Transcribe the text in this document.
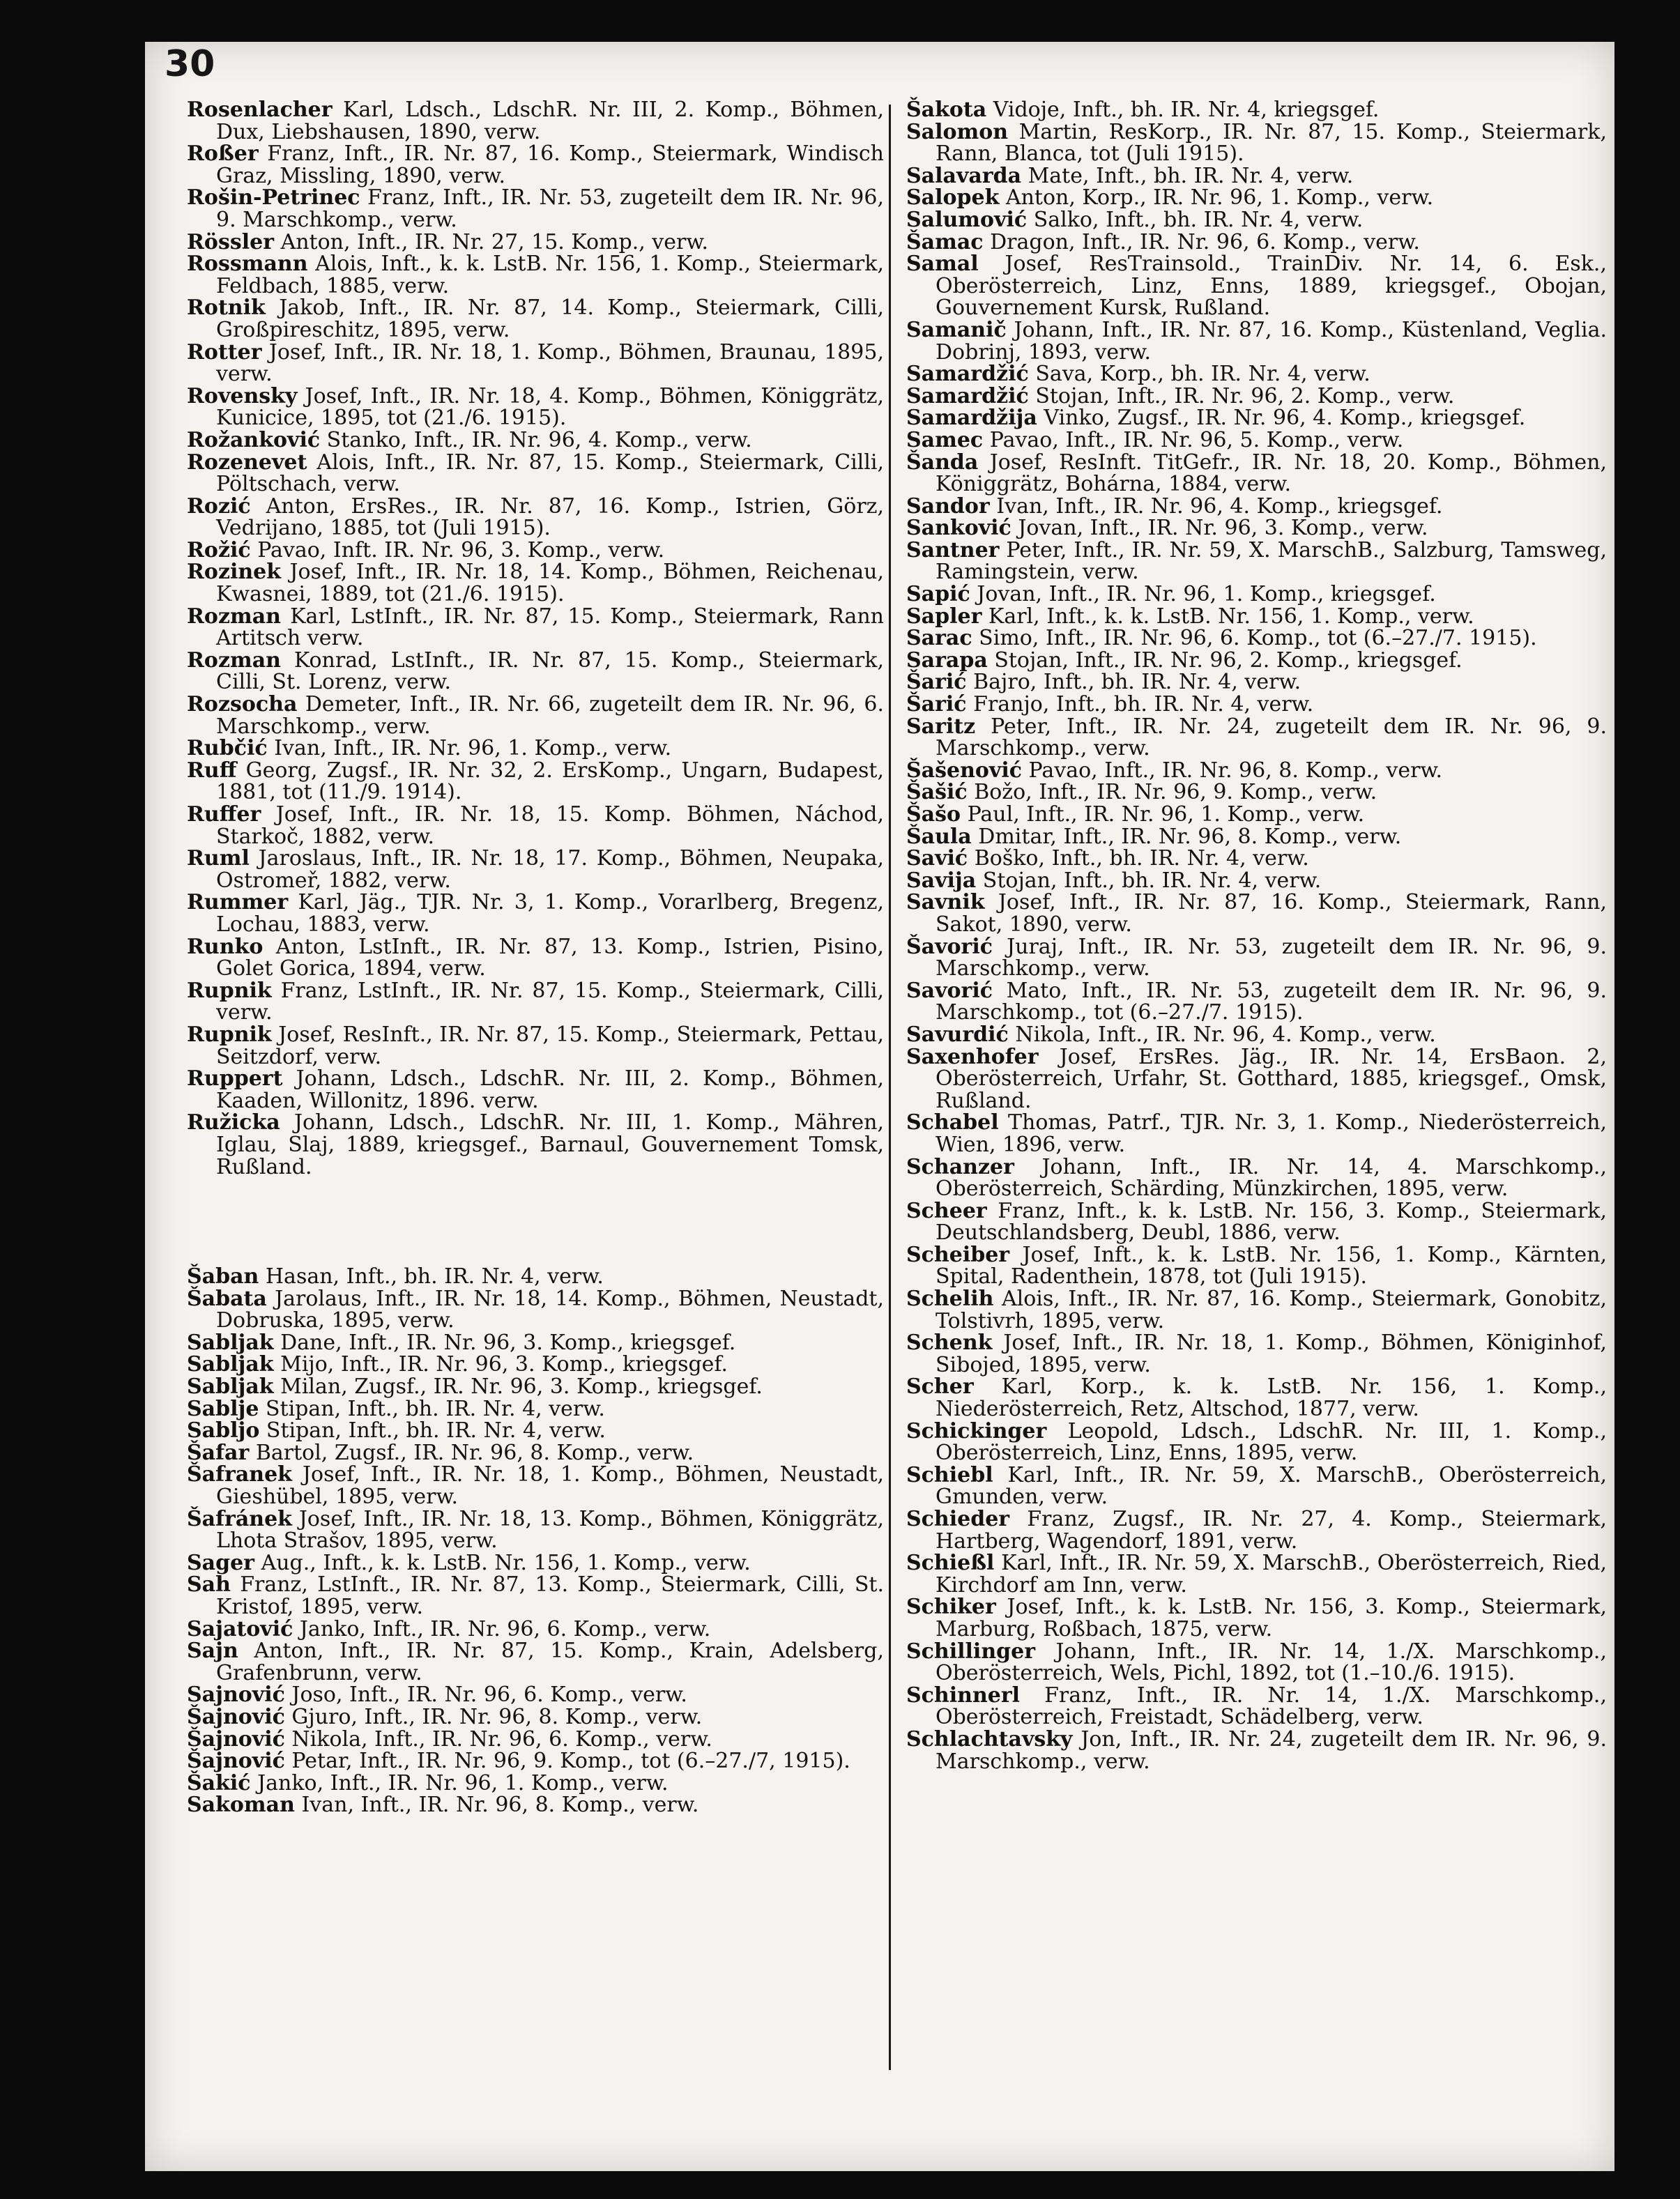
30

Rosenlacher Karl, Ldsch., LdschR. Nr. III, 2. Komp., Böhmen, Dux, Liebshausen, 1890, verw.

Roßer Franz, Inft., IR. Nr. 87, 16. Komp., Steiermark, Windisch Graz, Missling, 1890, verw.

Rošin-Petrinec Franz, Inft., IR. Nr. 53, zugeteilt dem IR. Nr. 96, 9. Marschkomp., verw.

Rössler Anton, Inft., IR. Nr. 27, 15. Komp., verw.

Rossmann Alois, Inft., k. k. LstB. Nr. 156, 1. Komp., Steiermark, Feldbach, 1885, verw.

Rotnik Jakob, Inft., IR. Nr. 87, 14. Komp., Steiermark, Cilli, Großpireschitz, 1895, verw.

Rotter Josef, Inft., IR. Nr. 18, 1. Komp., Böhmen, Braunau, 1895, verw.

Rovensky Josef, Inft., IR. Nr. 18, 4. Komp., Böhmen, Königgrätz, Kunicice, 1895, tot (21./6. 1915).

Rožanković Stanko, Inft., IR. Nr. 96, 4. Komp., verw.

Rozenevet Alois, Inft., IR. Nr. 87, 15. Komp., Steiermark, Cilli, Pöltschach, verw.

Rozić Anton, ErsRes., IR. Nr. 87, 16. Komp., Istrien, Görz, Vedrijano, 1885, tot (Juli 1915).

Rožić Pavao, Inft. IR. Nr. 96, 3. Komp., verw.

Rozinek Josef, Inft., IR. Nr. 18, 14. Komp., Böhmen, Reichenau, Kwasnei, 1889, tot (21./6. 1915).

Rozman Karl, LstInft., IR. Nr. 87, 15. Komp., Steiermark, Rann Artitsch verw.

Rozman Konrad, LstInft., IR. Nr. 87, 15. Komp., Steiermark, Cilli, St. Lorenz, verw.

Rozsocha Demeter, Inft., IR. Nr. 66, zugeteilt dem IR. Nr. 96, 6. Marschkomp., verw.

Rubčić Ivan, Inft., IR. Nr. 96, 1. Komp., verw.

Ruff Georg, Zugsf., IR. Nr. 32, 2. ErsKomp., Ungarn, Budapest, 1881, tot (11./9. 1914).

Ruffer Josef, Inft., IR. Nr. 18, 15. Komp. Böhmen, Náchod, Starkoč, 1882, verw.

Ruml Jaroslaus, Inft., IR. Nr. 18, 17. Komp., Böhmen, Neupaka, Ostromeř, 1882, verw.

Rummer Karl, Jäg., TJR. Nr. 3, 1. Komp., Vorarlberg, Bregenz, Lochau, 1883, verw.

Runko Anton, LstInft., IR. Nr. 87, 13. Komp., Istrien, Pisino, Golet Gorica, 1894, verw.

Rupnik Franz, LstInft., IR. Nr. 87, 15. Komp., Steiermark, Cilli, verw.

Rupnik Josef, ResInft., IR. Nr. 87, 15. Komp., Steiermark, Pettau, Seitzdorf, verw.

Ruppert Johann, Ldsch., LdschR. Nr. III, 2. Komp., Böhmen, Kaaden, Willonitz, 1896. verw.

Ružicka Johann, Ldsch., LdschR. Nr. III, 1. Komp., Mähren, Iglau, Slaj, 1889, kriegsgef., Barnaul, Gouvernement Tomsk, Rußland.

Šaban Hasan, Inft., bh. IR. Nr. 4, verw.

Šabata Jarolaus, Inft., IR. Nr. 18, 14. Komp., Böhmen, Neustadt, Dobruska, 1895, verw.

Sabljak Dane, Inft., IR. Nr. 96, 3. Komp., kriegsgef.

Sabljak Mijo, Inft., IR. Nr. 96, 3. Komp., kriegsgef.

Sabljak Milan, Zugsf., IR. Nr. 96, 3. Komp., kriegsgef.

Sablje Stipan, Inft., bh. IR. Nr. 4, verw.

Sabljo Stipan, Inft., bh. IR. Nr. 4, verw.

Šafar Bartol, Zugsf., IR. Nr. 96, 8. Komp., verw.

Šafranek Josef, Inft., IR. Nr. 18, 1. Komp., Böhmen, Neustadt, Gieshübel, 1895, verw.

Šafránek Josef, Inft., IR. Nr. 18, 13. Komp., Böhmen, Königgrätz, Lhota Strašov, 1895, verw.

Sager Aug., Inft., k. k. LstB. Nr. 156, 1. Komp., verw.

Sah Franz, LstInft., IR. Nr. 87, 13. Komp., Steiermark, Cilli, St. Kristof, 1895, verw.

Sajatović Janko, Inft., IR. Nr. 96, 6. Komp., verw.

Sajn Anton, Inft., IR. Nr. 87, 15. Komp., Krain, Adelsberg, Grafenbrunn, verw.

Sajnović Joso, Inft., IR. Nr. 96, 6. Komp., verw.

Šajnović Gjuro, Inft., IR. Nr. 96, 8. Komp., verw.

Šajnović Nikola, Inft., IR. Nr. 96, 6. Komp., verw.

Šajnović Petar, Inft., IR. Nr. 96, 9. Komp., tot (6.–27./7, 1915).

Šakić Janko, Inft., IR. Nr. 96, 1. Komp., verw.

Sakoman Ivan, Inft., IR. Nr. 96, 8. Komp., verw.

Šakota Vidoje, Inft., bh. IR. Nr. 4, kriegsgef.

Salomon Martin, ResKorp., IR. Nr. 87, 15. Komp., Steiermark, Rann, Blanca, tot (Juli 1915).

Salavarda Mate, Inft., bh. IR. Nr. 4, verw.

Salopek Anton, Korp., IR. Nr. 96, 1. Komp., verw.

Salumović Salko, Inft., bh. IR. Nr. 4, verw.

Šamac Dragon, Inft., IR. Nr. 96, 6. Komp., verw.

Samal Josef, ResTrainsold., TrainDiv. Nr. 14, 6. Esk., Oberösterreich, Linz, Enns, 1889, kriegsgef., Obojan, Gouvernement Kursk, Rußland.

Samanič Johann, Inft., IR. Nr. 87, 16. Komp., Küstenland, Veglia. Dobrinj, 1893, verw.

Samardžić Sava, Korp., bh. IR. Nr. 4, verw.

Samardžić Stojan, Inft., IR. Nr. 96, 2. Komp., verw.

Samardžija Vinko, Zugsf., IR. Nr. 96, 4. Komp., kriegsgef.

Samec Pavao, Inft., IR. Nr. 96, 5. Komp., verw.

Šanda Josef, ResInft. TitGefr., IR. Nr. 18, 20. Komp., Böhmen, Königgrätz, Bohárna, 1884, verw.

Sandor Ivan, Inft., IR. Nr. 96, 4. Komp., kriegsgef.

Sanković Jovan, Inft., IR. Nr. 96, 3. Komp., verw.

Santner Peter, Inft., IR. Nr. 59, X. MarschB., Salzburg, Tamsweg, Ramingstein, verw.

Sapić Jovan, Inft., IR. Nr. 96, 1. Komp., kriegsgef.

Sapler Karl, Inft., k. k. LstB. Nr. 156, 1. Komp., verw.

Sarac Simo, Inft., IR. Nr. 96, 6. Komp., tot (6.–27./7. 1915).

Sarapa Stojan, Inft., IR. Nr. 96, 2. Komp., kriegsgef.

Šarić Bajro, Inft., bh. IR. Nr. 4, verw.

Šarić Franjo, Inft., bh. IR. Nr. 4, verw.

Saritz Peter, Inft., IR. Nr. 24, zugeteilt dem IR. Nr. 96, 9. Marschkomp., verw.

Šašenović Pavao, Inft., IR. Nr. 96, 8. Komp., verw.

Šašić Božo, Inft., IR. Nr. 96, 9. Komp., verw.

Šašo Paul, Inft., IR. Nr. 96, 1. Komp., verw.

Šaula Dmitar, Inft., IR. Nr. 96, 8. Komp., verw.

Savić Boško, Inft., bh. IR. Nr. 4, verw.

Savija Stojan, Inft., bh. IR. Nr. 4, verw.

Savnik Josef, Inft., IR. Nr. 87, 16. Komp., Steiermark, Rann, Sakot, 1890, verw.

Šavorić Juraj, Inft., IR. Nr. 53, zugeteilt dem IR. Nr. 96, 9. Marschkomp., verw.

Savorić Mato, Inft., IR. Nr. 53, zugeteilt dem IR. Nr. 96, 9. Marschkomp., tot (6.–27./7. 1915).

Savurdić Nikola, Inft., IR. Nr. 96, 4. Komp., verw.

Saxenhofer Josef, ErsRes. Jäg., IR. Nr. 14, ErsBaon. 2, Oberösterreich, Urfahr, St. Gotthard, 1885, kriegsgef., Omsk, Rußland.

Schabel Thomas, Patrf., TJR. Nr. 3, 1. Komp., Niederösterreich, Wien, 1896, verw.

Schanzer Johann, Inft., IR. Nr. 14, 4. Marschkomp., Oberösterreich, Schärding, Münzkirchen, 1895, verw.

Scheer Franz, Inft., k. k. LstB. Nr. 156, 3. Komp., Steiermark, Deutschlandsberg, Deubl, 1886, verw.

Scheiber Josef, Inft., k. k. LstB. Nr. 156, 1. Komp., Kärnten, Spital, Radenthein, 1878, tot (Juli 1915).

Schelih Alois, Inft., IR. Nr. 87, 16. Komp., Steiermark, Gonobitz, Tolstivrh, 1895, verw.

Schenk Josef, Inft., IR. Nr. 18, 1. Komp., Böhmen, Königinhof, Sibojed, 1895, verw.

Scher Karl, Korp., k. k. LstB. Nr. 156, 1. Komp., Niederösterreich, Retz, Altschod, 1877, verw.

Schickinger Leopold, Ldsch., LdschR. Nr. III, 1. Komp., Oberösterreich, Linz, Enns, 1895, verw.

Schiebl Karl, Inft., IR. Nr. 59, X. MarschB., Oberösterreich, Gmunden, verw.

Schieder Franz, Zugsf., IR. Nr. 27, 4. Komp., Steiermark, Hartberg, Wagendorf, 1891, verw.

Schießl Karl, Inft., IR. Nr. 59, X. MarschB., Oberösterreich, Ried, Kirchdorf am Inn, verw.

Schiker Josef, Inft., k. k. LstB. Nr. 156, 3. Komp., Steiermark, Marburg, Roßbach, 1875, verw.

Schillinger Johann, Inft., IR. Nr. 14, 1./X. Marschkomp., Oberösterreich, Wels, Pichl, 1892, tot (1.–10./6. 1915).

Schinnerl Franz, Inft., IR. Nr. 14, 1./X. Marschkomp., Oberösterreich, Freistadt, Schädelberg, verw.

Schlachtavsky Jon, Inft., IR. Nr. 24, zugeteilt dem IR. Nr. 96, 9. Marschkomp., verw.
